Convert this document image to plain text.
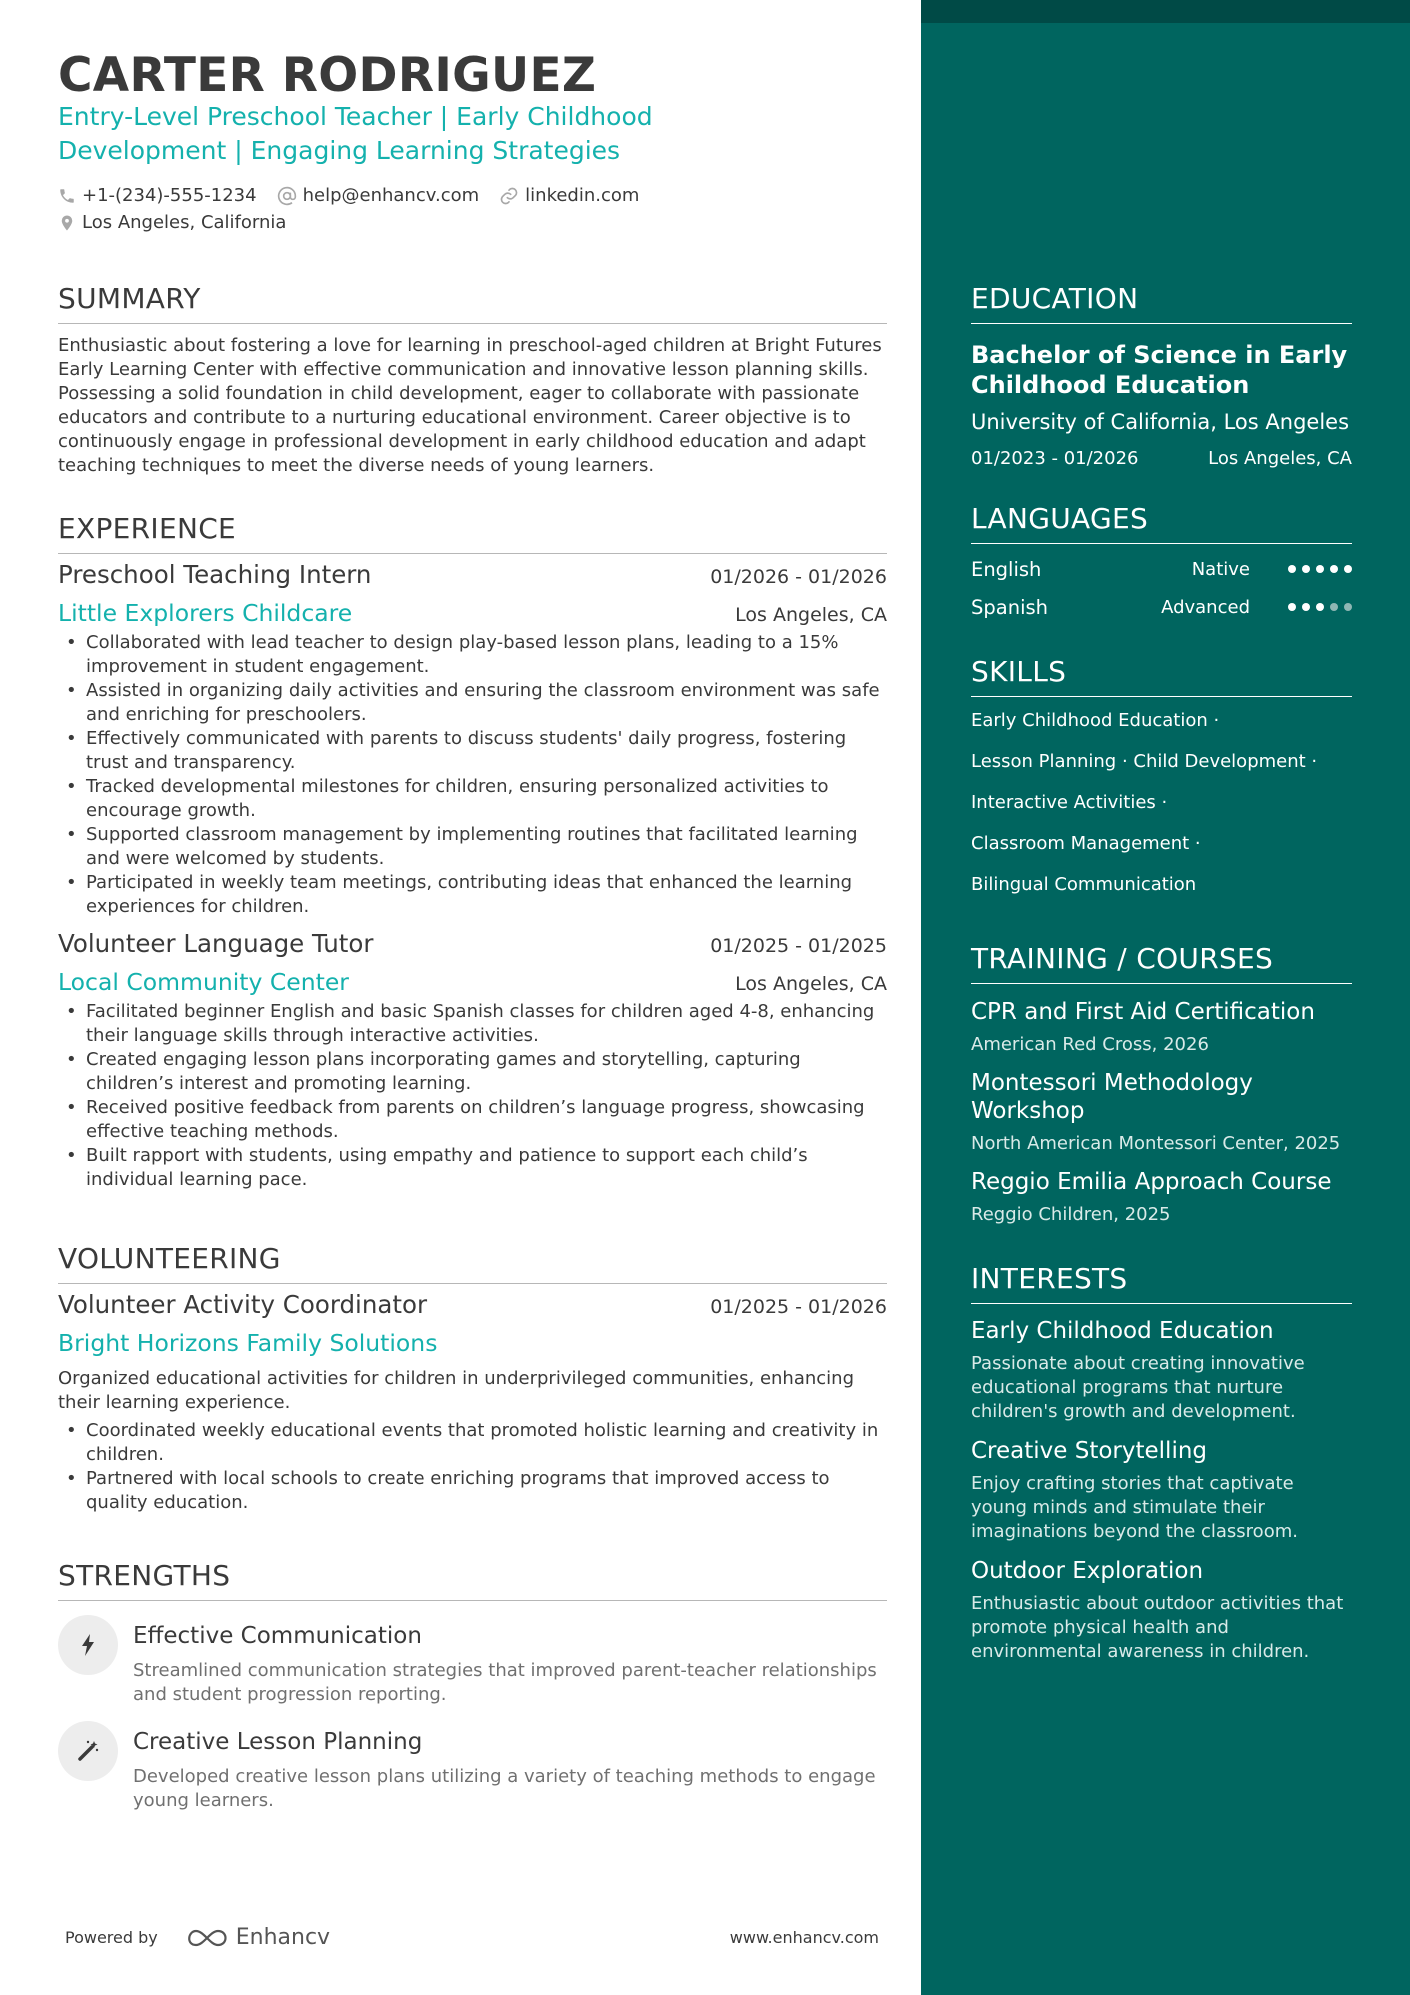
CARTER RODRIGUEZ
Entry-Level Preschool Teacher | Early Childhood
Development | Engaging Learning Strategies
+1-(234)-555-1234	help@enhancv.com	linkedin.com
Los Angeles, California
SUMMARY
Enthusiastic about fostering a love for learning in preschool-aged children at Bright Futures Early Learning Center with effective communication and innovative lesson planning skills. Possessing a solid foundation in child development, eager to collaborate with passionate educators and contribute to a nurturing educational environment. Career objective is to continuously engage in professional development in early childhood education and adapt teaching techniques to meet the diverse needs of young learners.
EXPERIENCE
Preschool Teaching Intern	01/2026 - 01/2026
Little Explorers Childcare	Los Angeles, CA
• Collaborated with lead teacher to design play-based lesson plans, leading to a 15% improvement in student engagement.
• Assisted in organizing daily activities and ensuring the classroom environment was safe and enriching for preschoolers.
• Effectively communicated with parents to discuss students' daily progress, fostering trust and transparency.
• Tracked developmental milestones for children, ensuring personalized activities to encourage growth.
• Supported classroom management by implementing routines that facilitated learning and were welcomed by students.
• Participated in weekly team meetings, contributing ideas that enhanced the learning experiences for children.
Volunteer Language Tutor	01/2025 - 01/2025
Local Community Center	Los Angeles, CA
• Facilitated beginner English and basic Spanish classes for children aged 4-8, enhancing their language skills through interactive activities.
• Created engaging lesson plans incorporating games and storytelling, capturing children’s interest and promoting learning.
• Received positive feedback from parents on children’s language progress, showcasing effective teaching methods.
• Built rapport with students, using empathy and patience to support each child’s individual learning pace.
VOLUNTEERING
Volunteer Activity Coordinator	01/2025 - 01/2026
Bright Horizons Family Solutions
Organized educational activities for children in underprivileged communities, enhancing their learning experience.
• Coordinated weekly educational events that promoted holistic learning and creativity in children.
• Partnered with local schools to create enriching programs that improved access to quality education.
STRENGTHS
Effective Communication
Streamlined communication strategies that improved parent-teacher relationships and student progression reporting.
Creative Lesson Planning
Developed creative lesson plans utilizing a variety of teaching methods to engage young learners.
Powered by	Enhancv	www.enhancv.com
EDUCATION
Bachelor of Science in Early Childhood Education
University of California, Los Angeles
01/2023 - 01/2026	Los Angeles, CA
LANGUAGES
English	Native
Spanish	Advanced
SKILLS
Early Childhood Education ·
Lesson Planning · Child Development ·
Interactive Activities ·
Classroom Management ·
Bilingual Communication
TRAINING / COURSES
CPR and First Aid Certification
American Red Cross, 2026
Montessori Methodology Workshop
North American Montessori Center, 2025
Reggio Emilia Approach Course
Reggio Children, 2025
INTERESTS
Early Childhood Education
Passionate about creating innovative educational programs that nurture children's growth and development.
Creative Storytelling
Enjoy crafting stories that captivate young minds and stimulate their imaginations beyond the classroom.
Outdoor Exploration
Enthusiastic about outdoor activities that promote physical health and environmental awareness in children.
